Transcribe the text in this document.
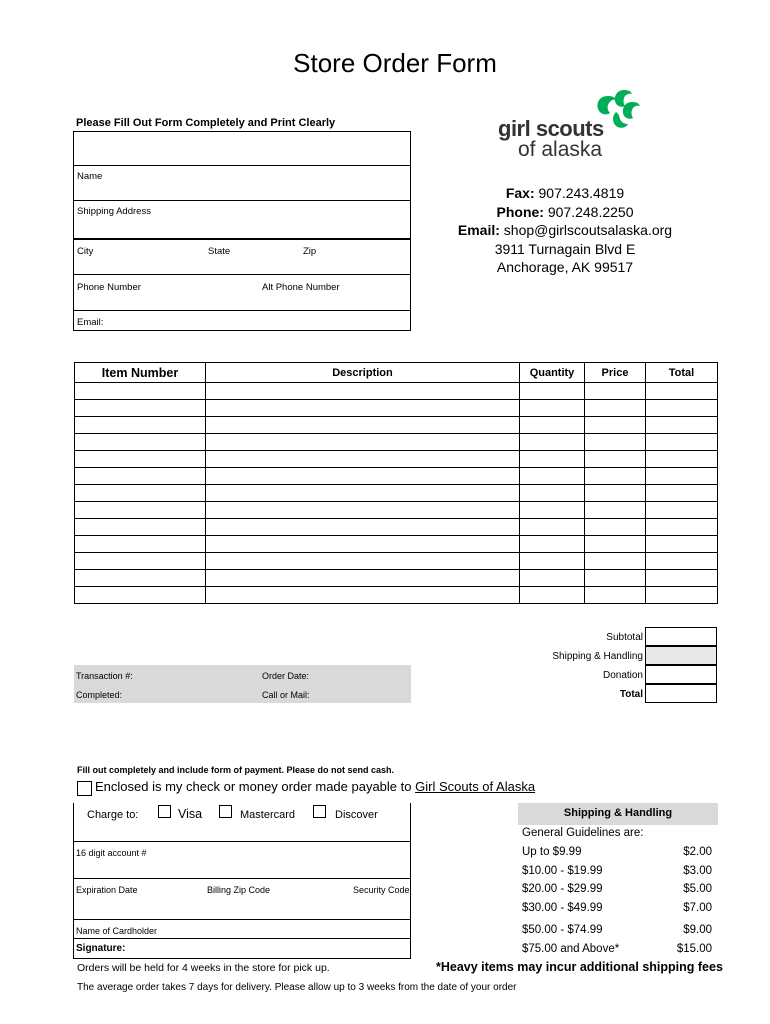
Store Order Form
Please Fill Out Form Completely and Print Clearly	girl scouts
of alaska
Name
Shipping Address
City	State	Zip
Phone Number	Alt Phone Number
Email:
Fax: 907.243.4819
Phone: 907.248.2250
Email: shop@girlscoutsalaska.org
3911 Turnagain Blvd E
Anchorage, AK 99517
Item Number	Description	Quantity	Price	Total

Subtotal
Shipping & Handling
Donation
Total
Transaction #:	Order Date:
Completed:	Call or Mail:
Fill out completely and include form of payment. Please do not send cash.
Enclosed is my check or money order made payable to Girl Scouts of Alaska
Charge to:	Visa	Mastercard	Discover
16 digit account #
Expiration Date	Billing Zip Code	Security Code
Name of Cardholder
Signature:
Shipping & Handling
General Guidelines are:
Up to $9.99	$2.00
$10.00 - $19.99	$3.00
$20.00 - $29.99	$5.00
$30.00 - $49.99	$7.00
$50.00 - $74.99	$9.00
$75.00 and Above*	$15.00
*Heavy items may incur additional shipping fees
Orders will be held for 4 weeks in the store for pick up.
The average order takes 7 days for delivery. Please allow up to 3 weeks from the date of your order
